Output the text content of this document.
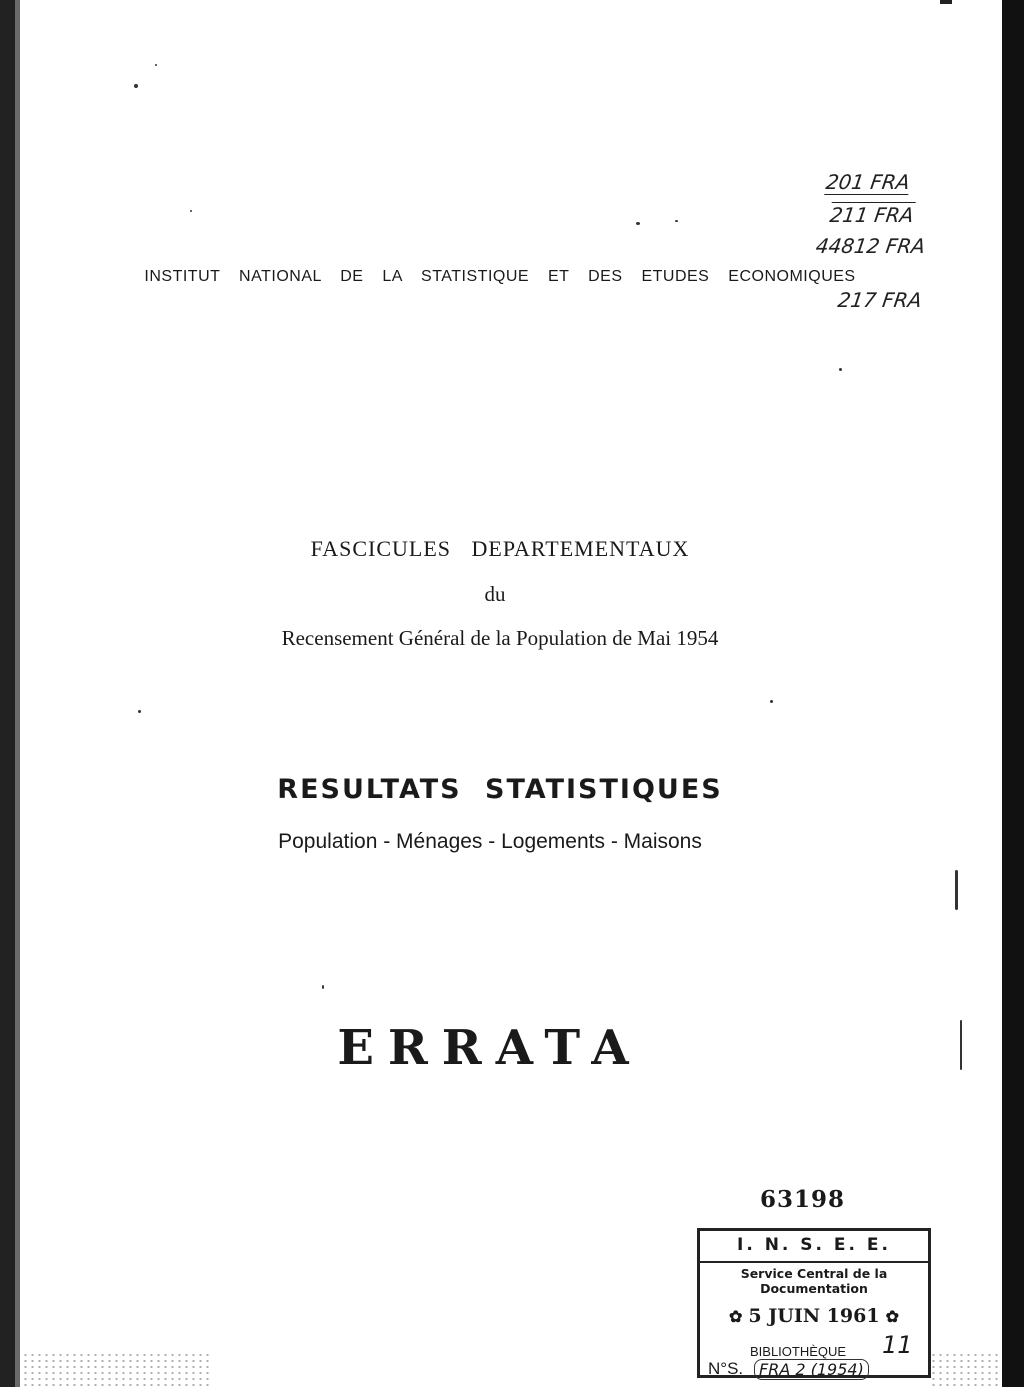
INSTITUT NATIONAL DE LA STATISTIQUE ET DES ETUDES ECONOMIQUES
201 FRA
211 FRA
44812 FRA
217 FRA
FASCICULES DEPARTEMENTAUX
du
Recensement Général de la Population de Mai 1954
RESULTATS STATISTIQUES
Population - Ménages - Logements - Maisons
ERRATA
63198
I. N. S. E. E.
Service Central de la
Documentation
✿ 5 JUIN 1961 ✿
BIBLIOTHÈQUE 11
N°S. FRA 2 (1954)
